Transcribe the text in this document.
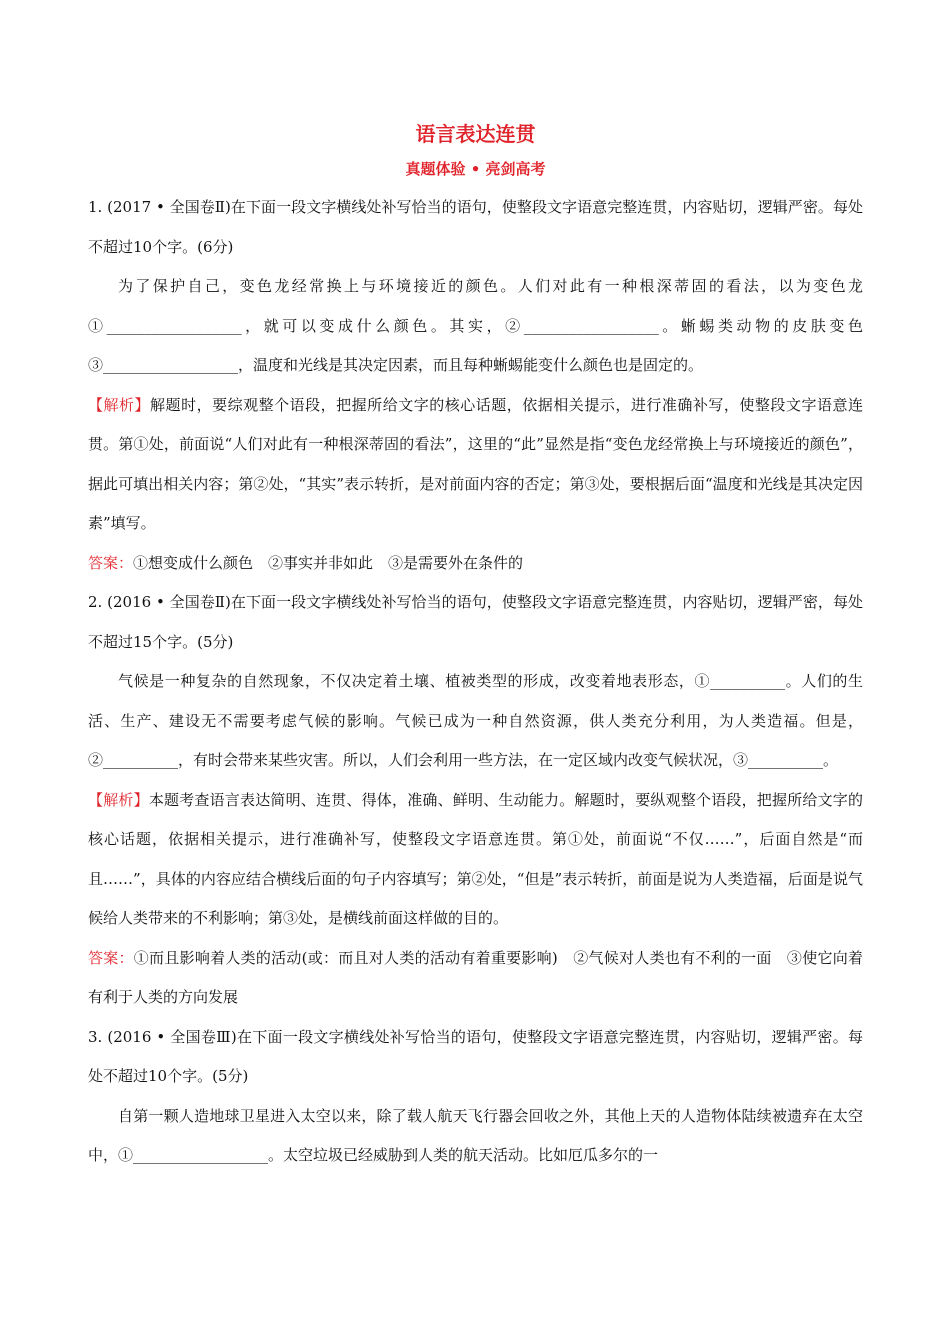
语言表达连贯
真题体验 • 亮剑高考

1. (2017 • 全国卷Ⅱ)在下面一段文字横线处补写恰当的语句，使整段文字语意完整连贯，内容贴切，逻辑严密。每处不超过10个字。(6分)

为了保护自己，变色龙经常换上与环境接近的颜色。人们对此有一种根深蒂固的看法，以为变色龙①__________________，就可以变成什么颜色。其实，②__________________。蜥蜴类动物的皮肤变色③__________________，温度和光线是其决定因素，而且每种蜥蜴能变什么颜色也是固定的。

【解析】解题时，要综观整个语段，把握所给文字的核心话题，依据相关提示，进行准确补写，使整段文字语意连贯。第①处，前面说“人们对此有一种根深蒂固的看法”，这里的“此”显然是指“变色龙经常换上与环境接近的颜色”，据此可填出相关内容；第②处，“其实”表示转折，是对前面内容的否定；第③处，要根据后面“温度和光线是其决定因素”填写。

答案：①想变成什么颜色　②事实并非如此　③是需要外在条件的

2. (2016 • 全国卷Ⅱ)在下面一段文字横线处补写恰当的语句，使整段文字语意完整连贯，内容贴切，逻辑严密，每处不超过15个字。(5分)

气候是一种复杂的自然现象，不仅决定着土壤、植被类型的形成，改变着地表形态，①__________。人们的生活、生产、建设无不需要考虑气候的影响。气候已成为一种自然资源，供人类充分利用，为人类造福。但是，②__________，有时会带来某些灾害。所以，人们会利用一些方法，在一定区域内改变气候状况，③__________。

【解析】本题考查语言表达简明、连贯、得体，准确、鲜明、生动能力。解题时，要纵观整个语段，把握所给文字的核心话题，依据相关提示，进行准确补写，使整段文字语意连贯。第①处，前面说“不仅……”，后面自然是“而且……”，具体的内容应结合横线后面的句子内容填写；第②处，“但是”表示转折，前面是说为人类造福，后面是说气候给人类带来的不利影响；第③处，是横线前面这样做的目的。

答案：①而且影响着人类的活动(或：而且对人类的活动有着重要影响)　②气候对人类也有不利的一面　③使它向着有利于人类的方向发展

3. (2016 • 全国卷Ⅲ)在下面一段文字横线处补写恰当的语句，使整段文字语意完整连贯，内容贴切，逻辑严密。每处不超过10个字。(5分)

自第一颗人造地球卫星进入太空以来，除了载人航天飞行器会回收之外，其他上天的人造物体陆续被遗弃在太空中，①__________________。太空垃圾已经威胁到人类的航天活动。比如厄瓜多尔的一
